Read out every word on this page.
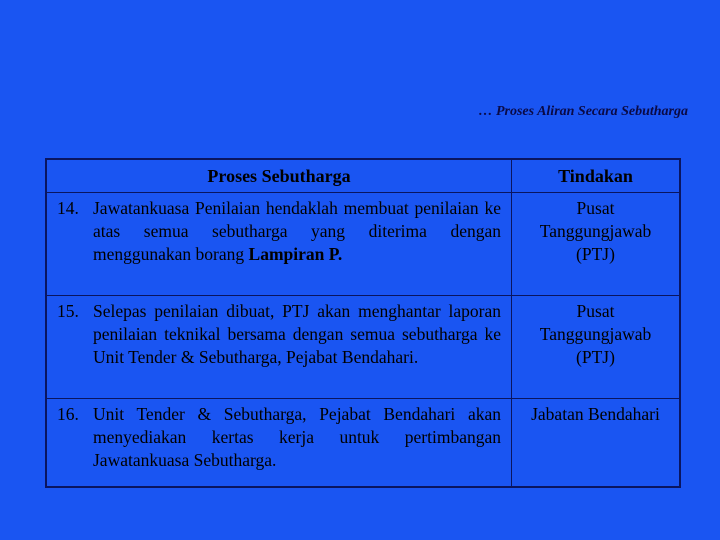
… Proses Aliran Secara Sebutharga
Proses Sebutharga	Tindakan

14. Jawatankuasa Penilaian hendaklah membuat penilaian ke atas semua sebutharga yang diterima dengan menggunakan borang Lampiran P.	Pusat
Tanggungjawab
(PTJ)

15. Selepas penilaian dibuat, PTJ akan menghantar laporan penilaian teknikal bersama dengan semua sebutharga ke Unit Tender & Sebutharga, Pejabat Bendahari.	Pusat
Tanggungjawab
(PTJ)

16. Unit Tender & Sebutharga, Pejabat Bendahari akan menyediakan kertas kerja untuk pertimbangan Jawatankuasa Sebutharga.	Jabatan Bendahari
